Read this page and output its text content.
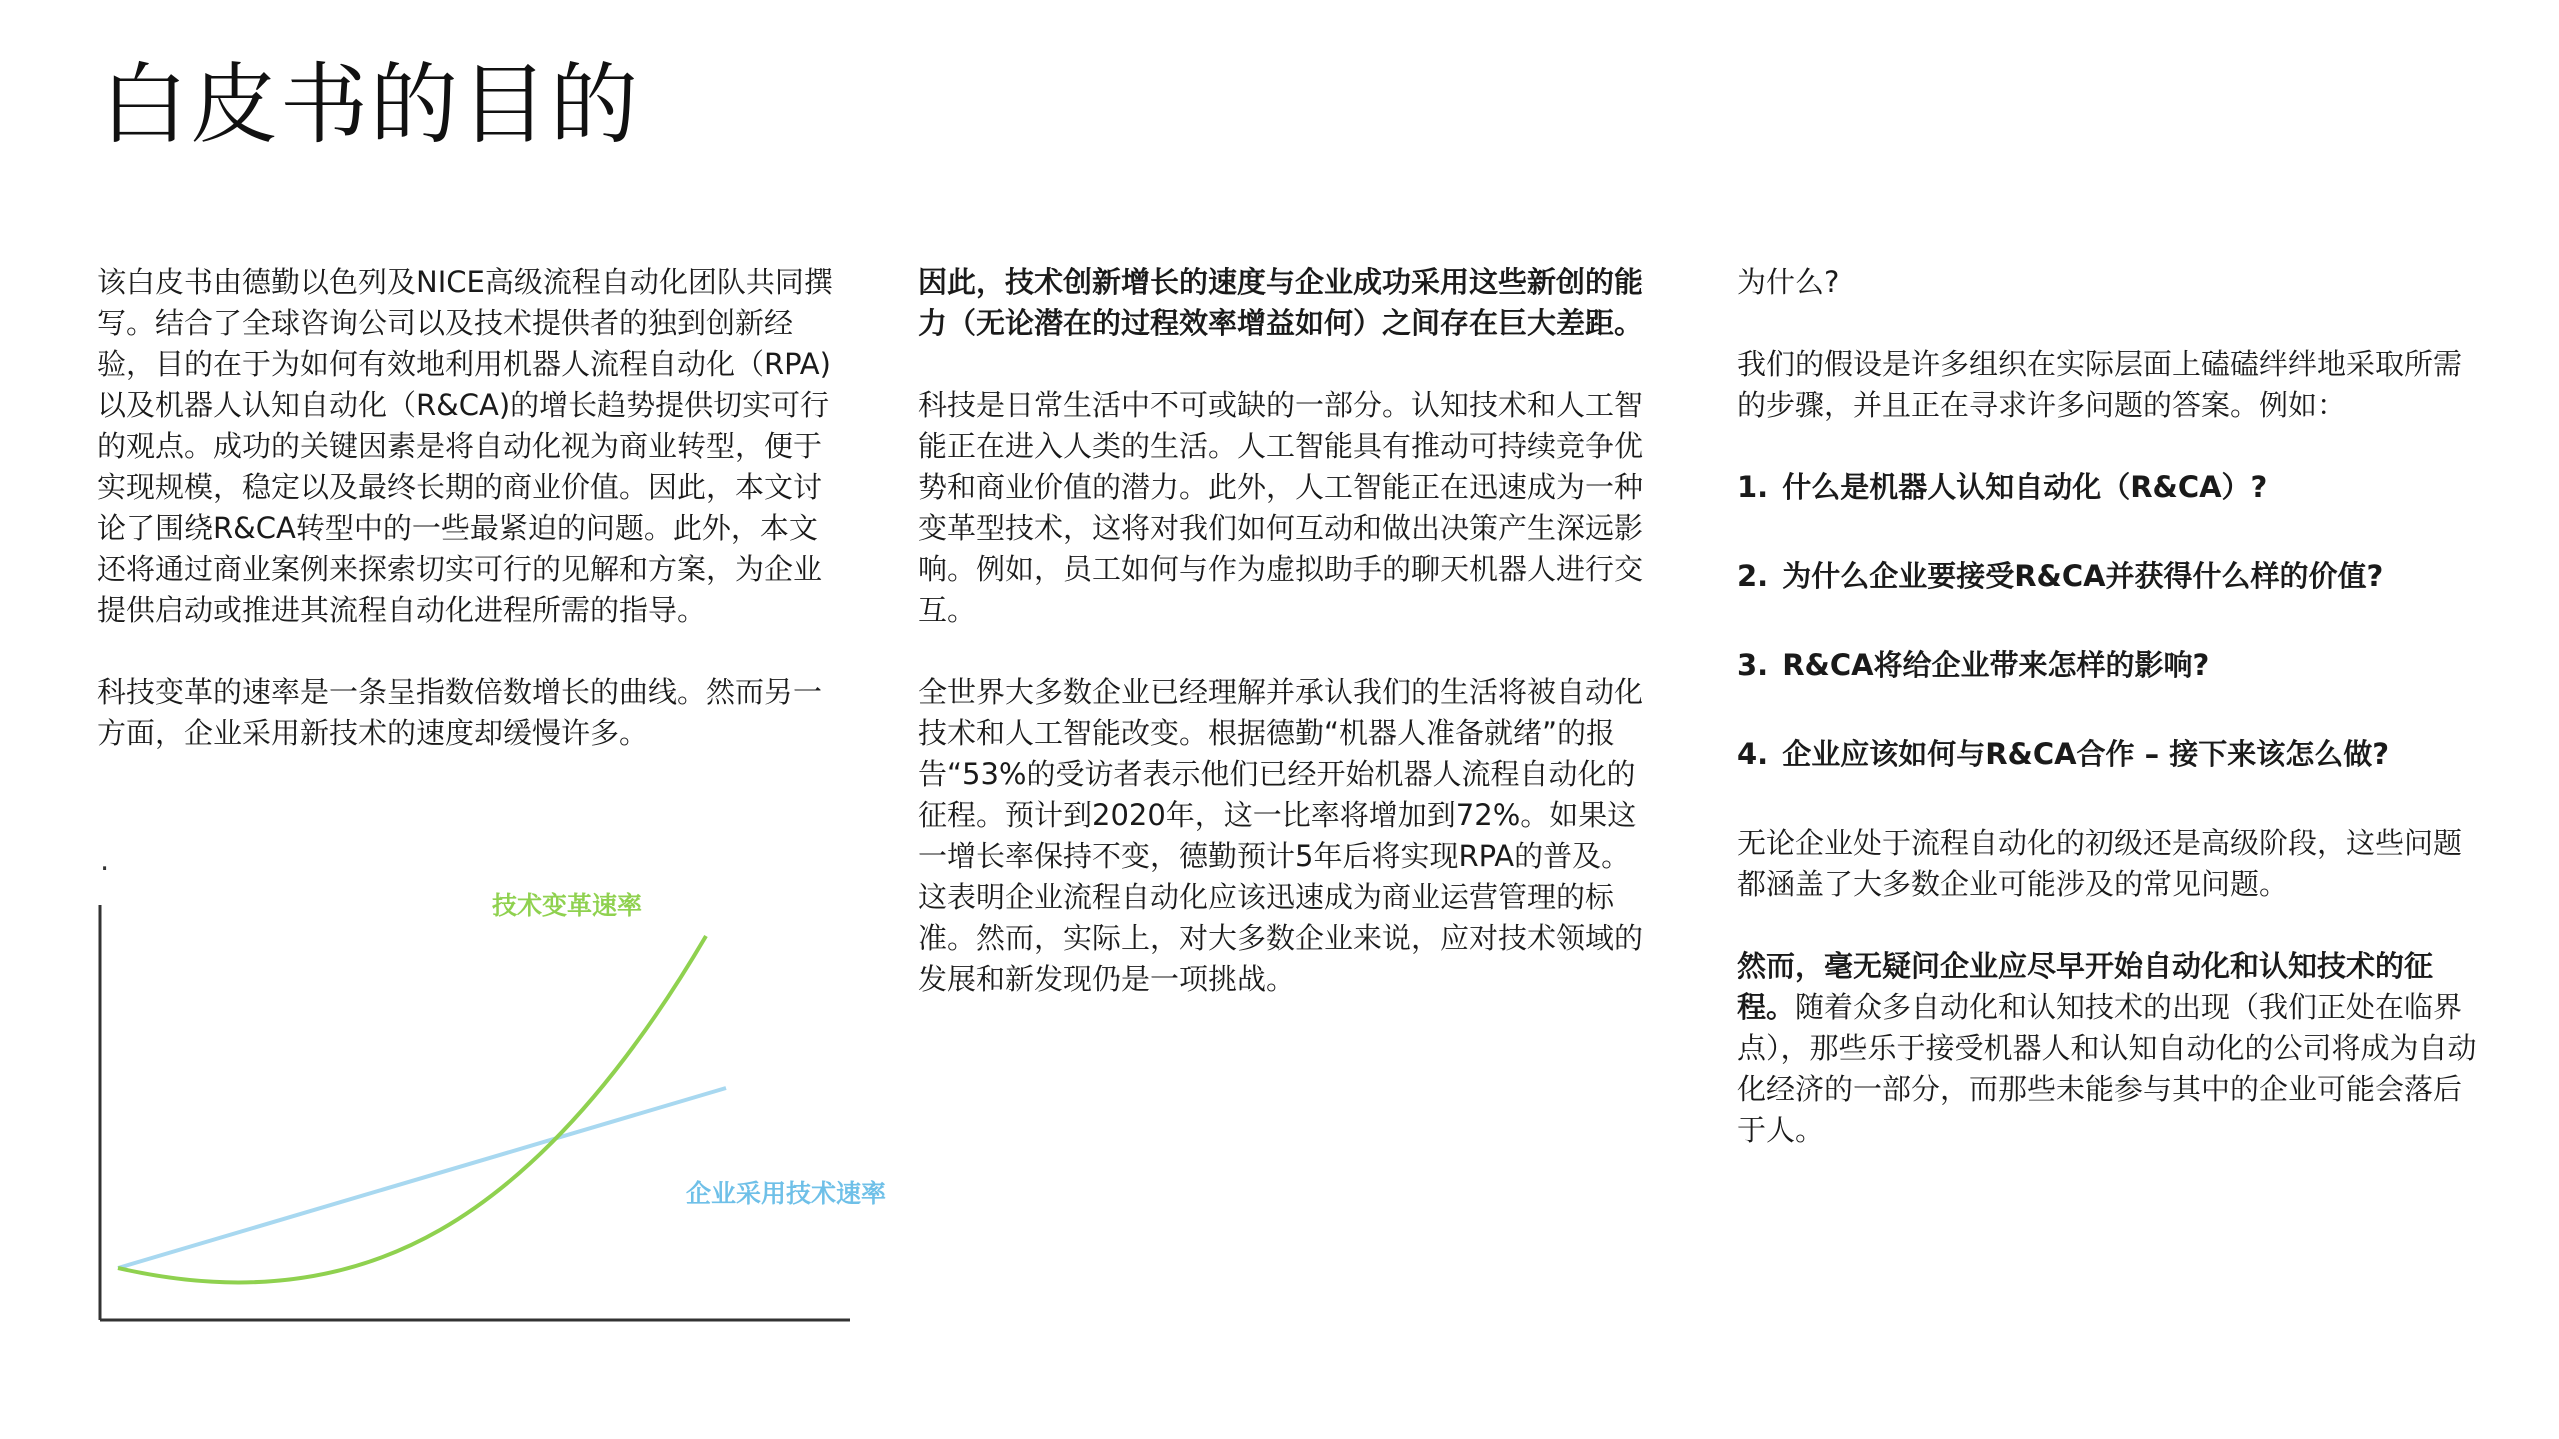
白皮书的目的

该白皮书由德勤以色列及NICE高级流程自动化团队共同撰写。结合了全球咨询公司以及技术提供者的独到创新经验，目的在于为如何有效地利用机器人流程自动化（RPA)以及机器人认知自动化（R&CA)的增长趋势提供切实可行的观点。成功的关键因素是将自动化视为商业转型，便于实现规模，稳定以及最终长期的商业价值。因此，本文讨论了围绕R&CA转型中的一些最紧迫的问题。此外，本文还将通过商业案例来探索切实可行的见解和方案，为企业提供启动或推进其流程自动化进程所需的指导。

科技变革的速率是一条呈指数倍数增长的曲线。然而另一方面，企业采用新技术的速度却缓慢许多。

.
技术变革速率
企业采用技术速率

因此，技术创新增长的速度与企业成功采用这些新创的能力（无论潜在的过程效率增益如何）之间存在巨大差距。

科技是日常生活中不可或缺的一部分。认知技术和人工智能正在进入人类的生活。人工智能具有推动可持续竞争优势和商业价值的潜力。此外，人工智能正在迅速成为一种变革型技术，这将对我们如何互动和做出决策产生深远影响。例如，员工如何与作为虚拟助手的聊天机器人进行交互。

全世界大多数企业已经理解并承认我们的生活将被自动化技术和人工智能改变。根据德勤“机器人准备就绪”的报告“53%的受访者表示他们已经开始机器人流程自动化的征程。预计到2020年，这一比率将增加到72%。如果这一增长率保持不变，德勤预计5年后将实现RPA的普及。这表明企业流程自动化应该迅速成为商业运营管理的标准。然而，实际上，对大多数企业来说，应对技术领域的发展和新发现仍是一项挑战。

为什么?

我们的假设是许多组织在实际层面上磕磕绊绊地采取所需的步骤，并且正在寻求许多问题的答案。例如：

1. 什么是机器人认知自动化（R&CA）?

2. 为什么企业要接受R&CA并获得什么样的价值?

3. R&CA将给企业带来怎样的影响?

4. 企业应该如何与R&CA合作 – 接下来该怎么做?

无论企业处于流程自动化的初级还是高级阶段，这些问题都涵盖了大多数企业可能涉及的常见问题。

然而，毫无疑问企业应尽早开始自动化和认知技术的征程。随着众多自动化和认知技术的出现（我们正处在临界点），那些乐于接受机器人和认知自动化的公司将成为自动化经济的一部分，而那些未能参与其中的企业可能会落后于人。
